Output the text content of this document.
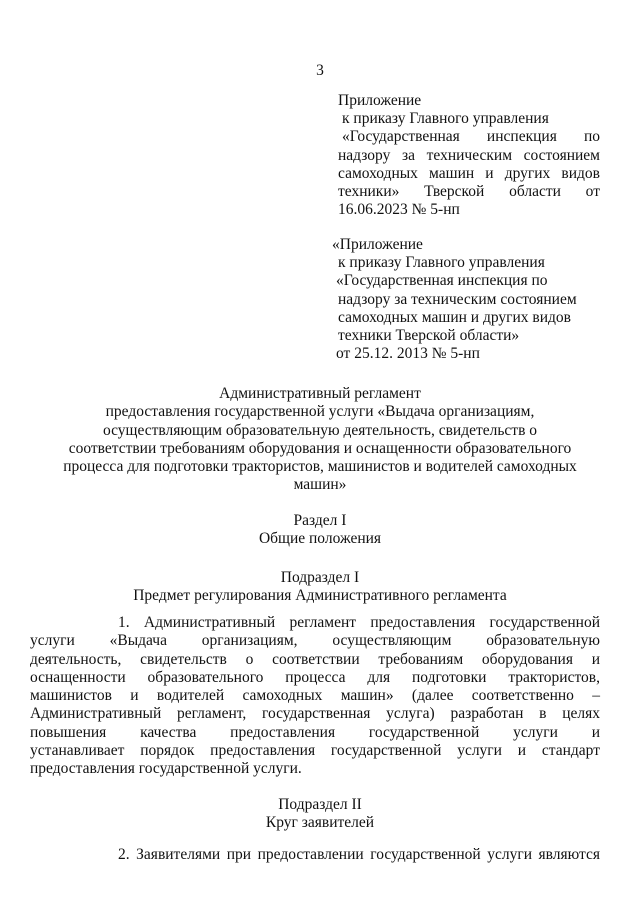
3
Приложение
к приказу Главного управления
«Государственная инспекция по
надзору за техническим состоянием
самоходных машин и других видов
техники» Тверской области от
16.06.2023 № 5-нп
«Приложение
к приказу Главного управления
«Государственная инспекция по
надзору за техническим состоянием
самоходных машин и других видов
техники Тверской области»
от 25.12. 2013 № 5-нп
Административный регламент
предоставления государственной услуги «Выдача организациям,
осуществляющим образовательную деятельность, свидетельств о
соответствии требованиям оборудования и оснащенности образовательного
процесса для подготовки трактористов, машинистов и водителей самоходных
машин»
Раздел I
Общие положения
Подраздел I
Предмет регулирования Административного регламента
1. Административный регламент предоставления государственной
услуги «Выдача организациям, осуществляющим образовательную
деятельность, свидетельств о соответствии требованиям оборудования и
оснащенности образовательного процесса для подготовки трактористов,
машинистов и водителей самоходных машин» (далее соответственно –
Административный регламент, государственная услуга) разработан в целях
повышения качества предоставления государственной услуги и
устанавливает порядок предоставления государственной услуги и стандарт
предоставления государственной услуги.
Подраздел II
Круг заявителей
2. Заявителями при предоставлении государственной услуги являются
